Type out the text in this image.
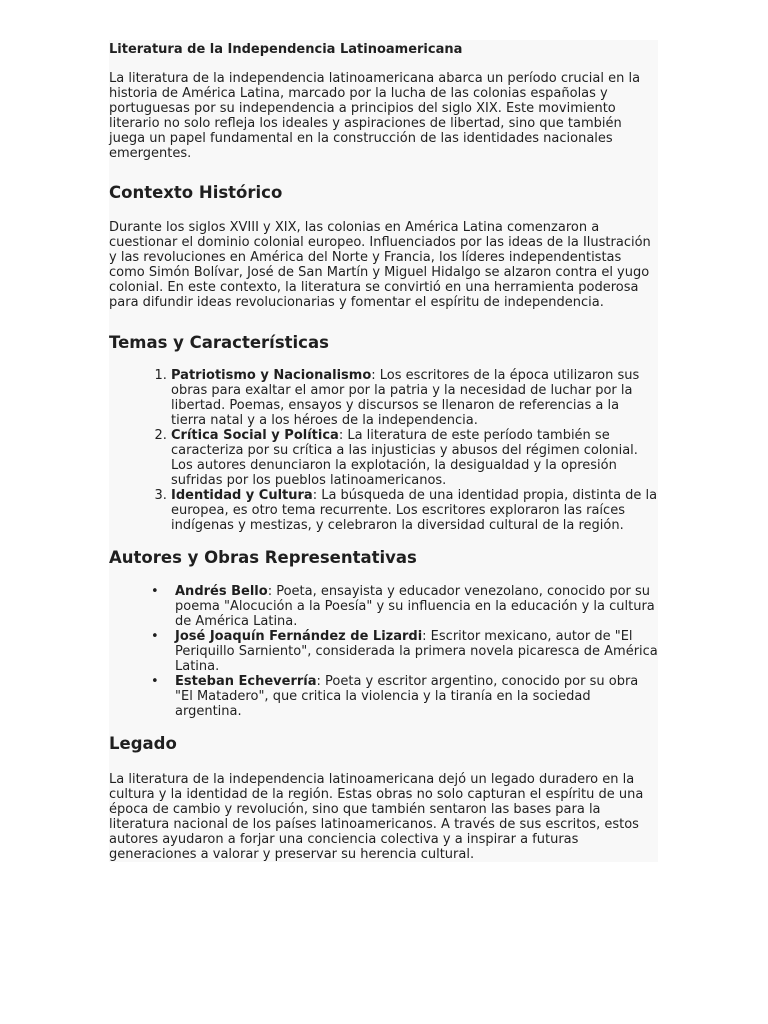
Literatura de la Independencia Latinoamericana

La literatura de la independencia latinoamericana abarca un período crucial en la historia de América Latina, marcado por la lucha de las colonias españolas y portuguesas por su independencia a principios del siglo XIX. Este movimiento literario no solo refleja los ideales y aspiraciones de libertad, sino que también juega un papel fundamental en la construcción de las identidades nacionales emergentes.

Contexto Histórico

Durante los siglos XVIII y XIX, las colonias en América Latina comenzaron a cuestionar el dominio colonial europeo. Influenciados por las ideas de la Ilustración y las revoluciones en América del Norte y Francia, los líderes independentistas como Simón Bolívar, José de San Martín y Miguel Hidalgo se alzaron contra el yugo colonial. En este contexto, la literatura se convirtió en una herramienta poderosa para difundir ideas revolucionarias y fomentar el espíritu de independencia.

Temas y Características
1. Patriotismo y Nacionalismo: Los escritores de la época utilizaron sus obras para exaltar el amor por la patria y la necesidad de luchar por la libertad. Poemas, ensayos y discursos se llenaron de referencias a la tierra natal y a los héroes de la independencia.
2. Crítica Social y Política: La literatura de este período también se caracteriza por su crítica a las injusticias y abusos del régimen colonial. Los autores denunciaron la explotación, la desigualdad y la opresión sufridas por los pueblos latinoamericanos.
3. Identidad y Cultura: La búsqueda de una identidad propia, distinta de la europea, es otro tema recurrente. Los escritores exploraron las raíces indígenas y mestizas, y celebraron la diversidad cultural de la región.
Autores y Obras Representativas
• Andrés Bello: Poeta, ensayista y educador venezolano, conocido por su poema "Alocución a la Poesía" y su influencia en la educación y la cultura de América Latina.
• José Joaquín Fernández de Lizardi: Escritor mexicano, autor de "El Periquillo Sarniento", considerada la primera novela picaresca de América Latina.
• Esteban Echeverría: Poeta y escritor argentino, conocido por su obra "El Matadero", que critica la violencia y la tiranía en la sociedad argentina.
Legado

La literatura de la independencia latinoamericana dejó un legado duradero en la cultura y la identidad de la región. Estas obras no solo capturan el espíritu de una época de cambio y revolución, sino que también sentaron las bases para la literatura nacional de los países latinoamericanos. A través de sus escritos, estos autores ayudaron a forjar una conciencia colectiva y a inspirar a futuras generaciones a valorar y preservar su herencia cultural.
